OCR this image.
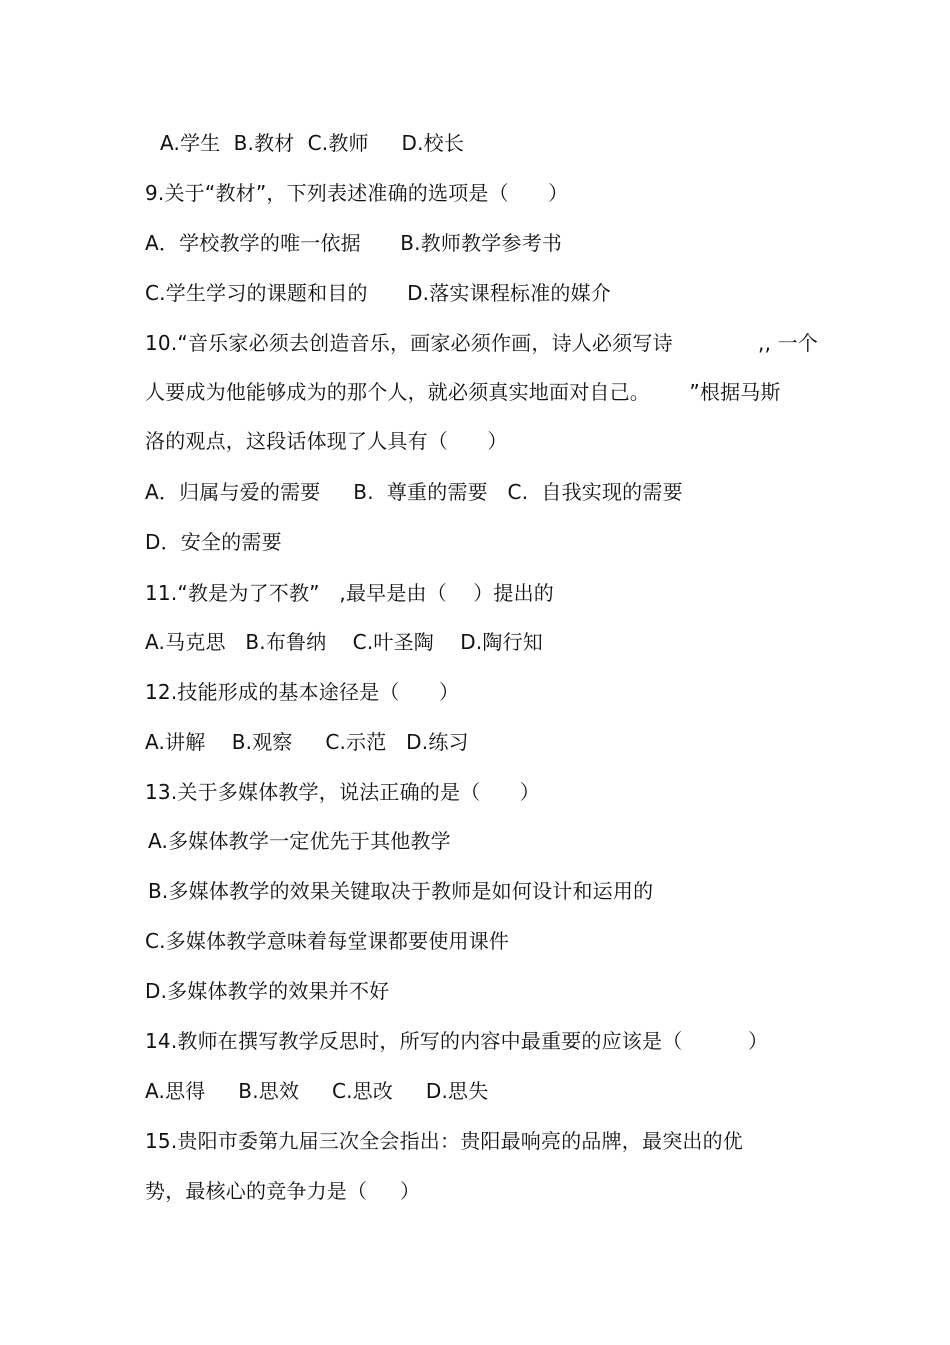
A.学生  B.教材  C.教师     D.校长
9.关于“教材”，下列表述准确的选项是（      ）
A．学校教学的唯一依据      B.教师教学参考书
C.学生学习的课题和目的      D.落实课程标准的媒介
10.“音乐家必须去创造音乐，画家必须作画，诗人必须写诗             ,, 一个
人要成为他能够成为的那个人，就必须真实地面对自己。      ”根据马斯
洛的观点，这段话体现了人具有（      ）
A．归属与爱的需要     B.  尊重的需要   C.  自我实现的需要
D．安全的需要
11.“教是为了不教”   ,最早是由（    ）提出的
A.马克思   B.布鲁纳    C.叶圣陶    D.陶行知
12.技能形成的基本途径是（      ）
A.讲解    B.观察     C.示范   D.练习
13.关于多媒体教学，说法正确的是（      ）
A.多媒体教学一定优先于其他教学
B.多媒体教学的效果关键取决于教师是如何设计和运用的
C.多媒体教学意味着每堂课都要使用课件
D.多媒体教学的效果并不好
14.教师在撰写教学反思时，所写的内容中最重要的应该是（          ）
A.思得     B.思效     C.思改     D.思失
15.贵阳市委第九届三次全会指出：贵阳最响亮的品牌，最突出的优
势，最核心的竞争力是（     ）
